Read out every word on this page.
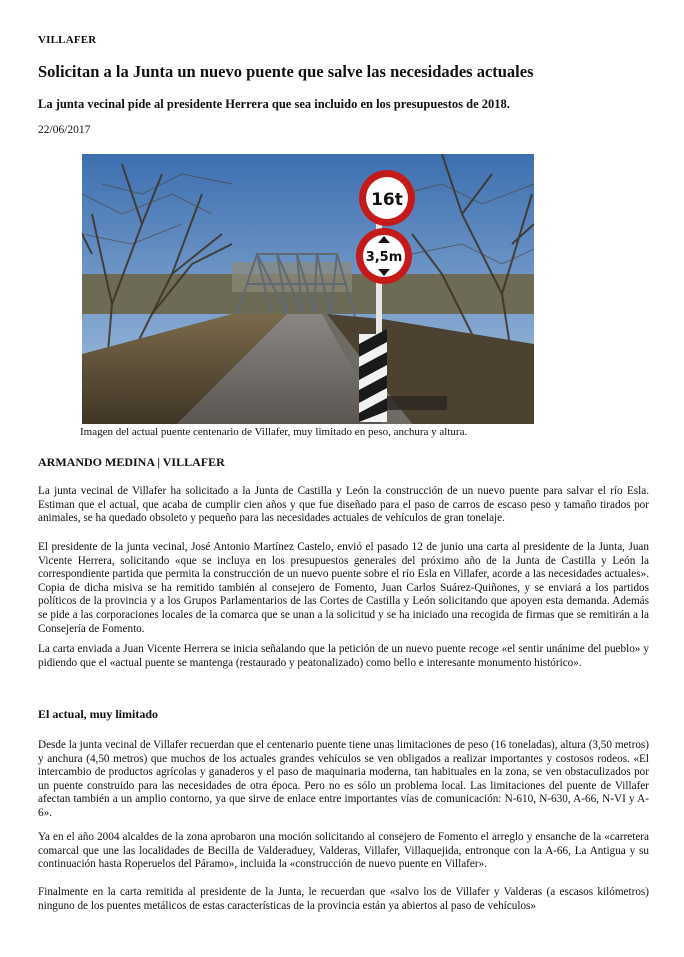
VILLAFER
Solicitan a la Junta un nuevo puente que salve las necesidades actuales
La junta vecinal pide al presidente Herrera que sea incluido en los presupuestos de 2018.
22/06/2017
16t
3,5m
Imagen del actual puente centenario de Villafer, muy limitado en peso, anchura y altura.
ARMANDO MEDINA | VILLAFER

La junta vecinal de Villafer ha solicitado a la Junta de Castilla y León la construcción de un nuevo puente para salvar el río Esla. Estiman que el actual, que acaba de cumplir cien años y que fue diseñado para el paso de carros de escaso peso y tamaño tirados por animales, se ha quedado obsoleto y pequeño para las necesidades actuales de vehículos de gran tonelaje.

El presidente de la junta vecinal, José Antonio Martínez Castelo, envió el pasado 12 de junio una carta al presidente de la Junta, Juan Vicente Herrera, solicitando «que se incluya en los presupuestos generales del próximo año de la Junta de Castilla y León la correspondiente partida que permita la construcción de un nuevo puente sobre el río Esla en Villafer, acorde a las necesidades actuales». Copia de dicha misiva se ha remitido también al consejero de Fomento, Juan Carlos Suárez-Quiñones, y se enviará a los partidos políticos de la provincia y a los Grupos Parlamentarios de las Cortes de Castilla y León solicitando que apoyen esta demanda. Además se pide a las corporaciones locales de la comarca que se unan a la solicitud y se ha iniciado una recogida de firmas que se remitirán a la Consejería de Fomento.

La carta enviada a Juan Vicente Herrera se inicia señalando que la petición de un nuevo puente recoge «el sentir unánime del pueblo» y pidiendo que el «actual puente se mantenga (restaurado y peatonalizado) como bello e interesante monumento histórico».

El actual, muy limitado

Desde la junta vecinal de Villafer recuerdan que el centenario puente tiene unas limitaciones de peso (16 toneladas), altura (3,50 metros) y anchura (4,50 metros) que muchos de los actuales grandes vehículos se ven obligados a realizar importantes y costosos rodeos. «El intercambio de productos agrícolas y ganaderos y el paso de maquinaria moderna, tan habituales en la zona, se ven obstaculizados por un puente construido para las necesidades de otra época. Pero no es sólo un problema local. Las limitaciones del puente de Villafer afectan también a un amplio contorno, ya que sirve de enlace entre importantes vías de comunicación: N-610, N-630, A-66, N-VI y A-6».

Ya en el año 2004 alcaldes de la zona aprobaron una moción solicitando al consejero de Fomento el arreglo y ensanche de la «carretera comarcal que une las localidades de Becilla de Valderaduey, Valderas, Villafer, Villaquejida, entronque con la A-66, La Antigua y su continuación hasta Roperuelos del Páramo», incluida la «construcción de nuevo puente en Villafer».

Finalmente en la carta remitida al presidente de la Junta, le recuerdan que «salvo los de Villafer y Valderas (a escasos kilómetros) ninguno de los puentes metálicos de estas características de la provincia están ya abiertos al paso de vehículos»
